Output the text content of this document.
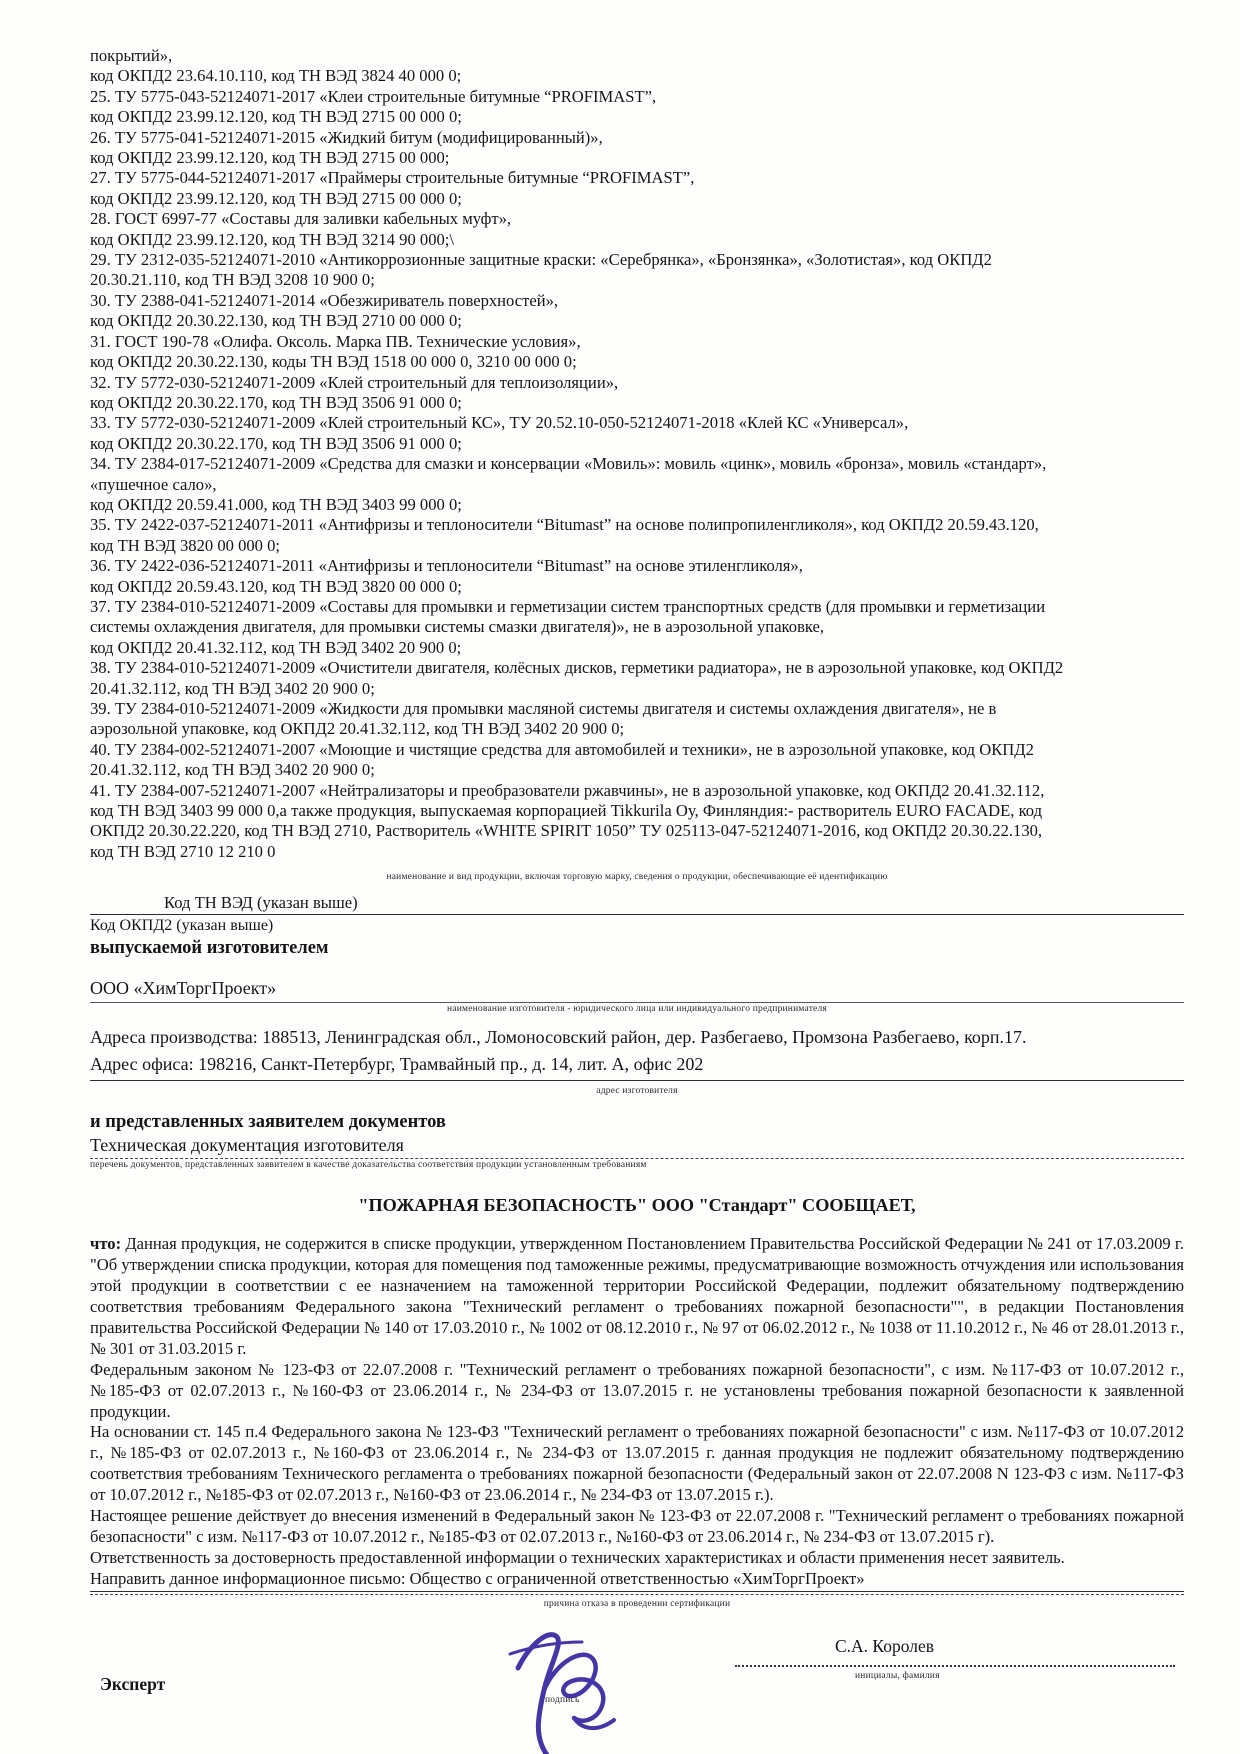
покрытий»,
код ОКПД2 23.64.10.110, код ТН ВЭД 3824 40 000 0;
25. ТУ 5775-043-52124071-2017 «Клеи строительные битумные “PROFIMAST”,
код ОКПД2 23.99.12.120, код ТН ВЭД 2715 00 000 0;
26. ТУ 5775-041-52124071-2015 «Жидкий битум (модифицированный)»,
код ОКПД2 23.99.12.120, код ТН ВЭД 2715 00 000;
27. ТУ 5775-044-52124071-2017 «Праймеры строительные битумные “PROFIMAST”,
код ОКПД2 23.99.12.120, код ТН ВЭД 2715 00 000 0;
28. ГОСТ 6997-77 «Составы для заливки кабельных муфт»,
код ОКПД2 23.99.12.120, код ТН ВЭД 3214 90 000;\
29. ТУ 2312-035-52124071-2010 «Антикоррозионные защитные краски: «Серебрянка», «Бронзянка», «Золотистая», код ОКПД2
20.30.21.110, код ТН ВЭД 3208 10 900 0;
30. ТУ 2388-041-52124071-2014 «Обезжириватель поверхностей»,
код ОКПД2 20.30.22.130, код ТН ВЭД 2710 00 000 0;
31. ГОСТ 190-78 «Олифа. Оксоль. Марка ПВ. Технические условия»,
код ОКПД2 20.30.22.130, коды ТН ВЭД 1518 00 000 0, 3210 00 000 0;
32. ТУ 5772-030-52124071-2009 «Клей строительный для теплоизоляции»,
код ОКПД2 20.30.22.170, код ТН ВЭД 3506 91 000 0;
33. ТУ 5772-030-52124071-2009 «Клей строительный КС», ТУ 20.52.10-050-52124071-2018 «Клей КС «Универсал»,
код ОКПД2 20.30.22.170, код ТН ВЭД 3506 91 000 0;
34. ТУ 2384-017-52124071-2009 «Средства для смазки и консервации «Мовиль»: мовиль «цинк», мовиль «бронза», мовиль «стандарт»,
«пушечное сало»,
код ОКПД2 20.59.41.000, код ТН ВЭД 3403 99 000 0;
35. ТУ 2422-037-52124071-2011 «Антифризы и теплоносители “Bitumast” на основе полипропиленгликоля», код ОКПД2 20.59.43.120,
код ТН ВЭД 3820 00 000 0;
36. ТУ 2422-036-52124071-2011 «Антифризы и теплоносители “Bitumast” на основе этиленгликоля»,
код ОКПД2 20.59.43.120, код ТН ВЭД 3820 00 000 0;
37. ТУ 2384-010-52124071-2009 «Составы для промывки и герметизации систем транспортных средств (для промывки и герметизации
системы охлаждения двигателя, для промывки системы смазки двигателя)», не в аэрозольной упаковке,
код ОКПД2 20.41.32.112, код ТН ВЭД 3402 20 900 0;
38. ТУ 2384-010-52124071-2009 «Очистители двигателя, колёсных дисков, герметики радиатора», не в аэрозольной упаковке, код ОКПД2
20.41.32.112, код ТН ВЭД 3402 20 900 0;
39. ТУ 2384-010-52124071-2009 «Жидкости для промывки масляной системы двигателя и системы охлаждения двигателя», не в
аэрозольной упаковке, код ОКПД2 20.41.32.112, код ТН ВЭД 3402 20 900 0;
40. ТУ 2384-002-52124071-2007 «Моющие и чистящие средства для автомобилей и техники», не в аэрозольной упаковке, код ОКПД2
20.41.32.112, код ТН ВЭД 3402 20 900 0;
41. ТУ 2384-007-52124071-2007 «Нейтрализаторы и преобразователи ржавчины», не в аэрозольной упаковке, код ОКПД2 20.41.32.112,
код ТН ВЭД 3403 99 000 0,а также продукция, выпускаемая корпорацией Tikkurila Оу, Финляндия:- растворитель EURO FACADE, код
ОКПД2 20.30.22.220, код ТН ВЭД 2710, Растворитель «WHITE SPIRIT 1050” ТУ 025113-047-52124071-2016, код ОКПД2 20.30.22.130,
код ТН ВЭД 2710 12 210 0
наименование и вид продукции, включая торговую марку, сведения о продукции, обеспечивающие её идентификацию
Код ТН ВЭД (указан выше)
Код ОКПД2 (указан выше)
выпускаемой изготовителем
ООО «ХимТоргПроект»
наименование изготовителя - юридического лица или индивидуального предпринимателя
Адреса производства: 188513, Ленинградская обл., Ломоносовский район, дер. Разбегаево, Промзона Разбегаево, корп.17.
Адрес офиса: 198216, Санкт-Петербург, Трамвайный пр., д. 14, лит. А, офис 202
адрес изготовителя
и представленных заявителем документов
Техническая документация изготовителя
перечень документов, представленных заявителем в качестве доказательства соответствия продукции установленным требованиям
"ПОЖАРНАЯ БЕЗОПАСНОСТЬ" ООО "Стандарт" СООБЩАЕТ,

что: Данная продукция, не содержится в списке продукции, утвержденном Постановлением Правительства Российской Федерации № 241 от 17.03.2009 г. "Об утверждении списка продукции, которая для помещения под таможенные режимы, предусматривающие возможность отчуждения или использования этой продукции в соответствии с ее назначением на таможенной территории Российской Федерации, подлежит обязательному подтверждению соответствия требованиям Федерального закона "Технический регламент о требованиях пожарной безопасности"", в редакции Постановления правительства Российской Федерации № 140 от 17.03.2010 г., № 1002 от 08.12.2010 г., № 97 от 06.02.2012 г., № 1038 от 11.10.2012 г., № 46 от 28.01.2013 г., № 301 от 31.03.2015 г.

Федеральным законом № 123-ФЗ от 22.07.2008 г. "Технический регламент о требованиях пожарной безопасности", с изм. №117-ФЗ от 10.07.2012 г., №185-ФЗ от 02.07.2013 г., №160-ФЗ от 23.06.2014 г., № 234-ФЗ от 13.07.2015 г. не установлены требования пожарной безопасности к заявленной продукции.

На основании ст. 145 п.4 Федерального закона № 123-ФЗ "Технический регламент о требованиях пожарной безопасности" с изм. №117-ФЗ от 10.07.2012 г., №185-ФЗ от 02.07.2013 г., №160-ФЗ от 23.06.2014 г., № 234-ФЗ от 13.07.2015 г. данная продукция не подлежит обязательному подтверждению соответствия требованиям Технического регламента о требованиях пожарной безопасности (Федеральный закон от 22.07.2008 N 123-ФЗ с изм. №117-ФЗ от 10.07.2012 г., №185-ФЗ от 02.07.2013 г., №160-ФЗ от 23.06.2014 г., № 234-ФЗ от 13.07.2015 г.).

Настоящее решение действует до внесения изменений в Федеральный закон № 123-ФЗ от 22.07.2008 г. "Технический регламент о требованиях пожарной безопасности" с изм. №117-ФЗ от 10.07.2012 г., №185-ФЗ от 02.07.2013 г., №160-ФЗ от 23.06.2014 г., № 234-ФЗ от 13.07.2015 г).

Ответственность за достоверность предоставленной информации о технических характеристиках и области применения несет заявитель.

Направить данное информационное письмо: Общество с ограниченной ответственностью «ХимТоргПроект»

причина отказа в проведении сертификации
Эксперт
подпись
С.А. Королев
инициалы, фамилия
